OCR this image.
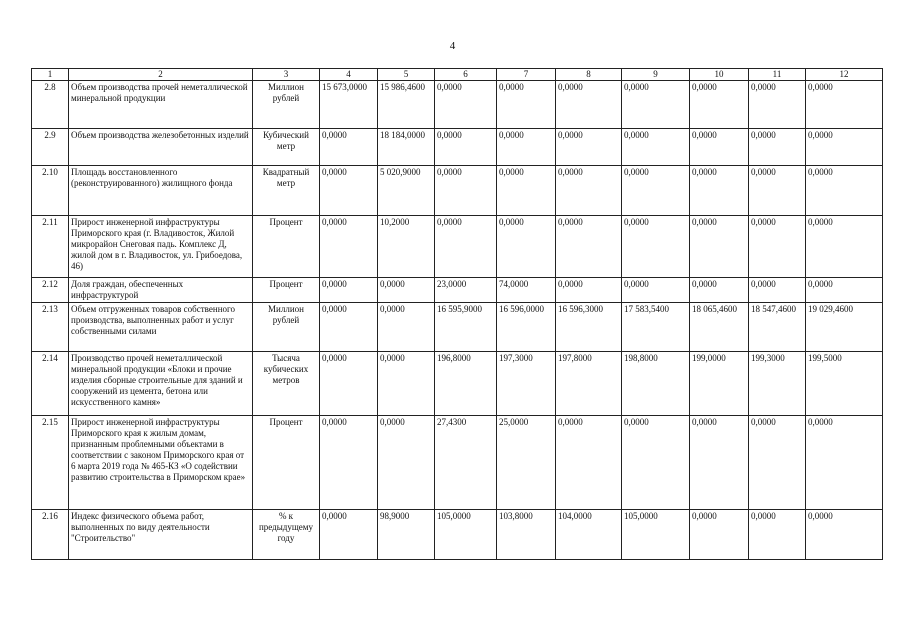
4
1	2	3	4	5	6	7	8	9	10	11	12
2.8	Объем производства прочей неметаллической минеральной продукции	Миллион рублей	15 673,0000	15 986,4600	0,0000	0,0000	0,0000	0,0000	0,0000	0,0000	0,0000
2.9	Объем производства железобетонных изделий	Кубический метр	0,0000	18 184,0000	0,0000	0,0000	0,0000	0,0000	0,0000	0,0000	0,0000
2.10	Площадь восстановленного (реконструированного) жилищного фонда	Квадратный метр	0,0000	5 020,9000	0,0000	0,0000	0,0000	0,0000	0,0000	0,0000	0,0000
2.11	Прирост инженерной инфраструктуры Приморского края (г. Владивосток, Жилой микрорайон Снеговая падь. Комплекс Д, жилой дом в г. Владивосток, ул. Грибоедова, 46)	Процент	0,0000	10,2000	0,0000	0,0000	0,0000	0,0000	0,0000	0,0000	0,0000
2.12	Доля граждан, обеспеченных инфраструктурой	Процент	0,0000	0,0000	23,0000	74,0000	0,0000	0,0000	0,0000	0,0000	0,0000
2.13	Объем отгруженных товаров собственного производства, выполненных работ и услуг собственными силами	Миллион рублей	0,0000	0,0000	16 595,9000	16 596,0000	16 596,3000	17 583,5400	18 065,4600	18 547,4600	19 029,4600
2.14	Производство прочей неметаллической минеральной продукции «Блоки и прочие изделия сборные строительные для зданий и сооружений из цемента, бетона или искусственного камня»	Тысяча кубических метров	0,0000	0,0000	196,8000	197,3000	197,8000	198,8000	199,0000	199,3000	199,5000
2.15	Прирост инженерной инфраструктуры Приморского края к жилым домам, признанным проблемными объектами в соответствии с законом Приморского края от 6 марта 2019 года № 465-КЗ «О содействии развитию строительства в Приморском крае»	Процент	0,0000	0,0000	27,4300	25,0000	0,0000	0,0000	0,0000	0,0000	0,0000
2.16	Индекс физического объема работ, выполненных по виду деятельности "Строительство"	% к предыдущему году	0,0000	98,9000	105,0000	103,8000	104,0000	105,0000	0,0000	0,0000	0,0000
